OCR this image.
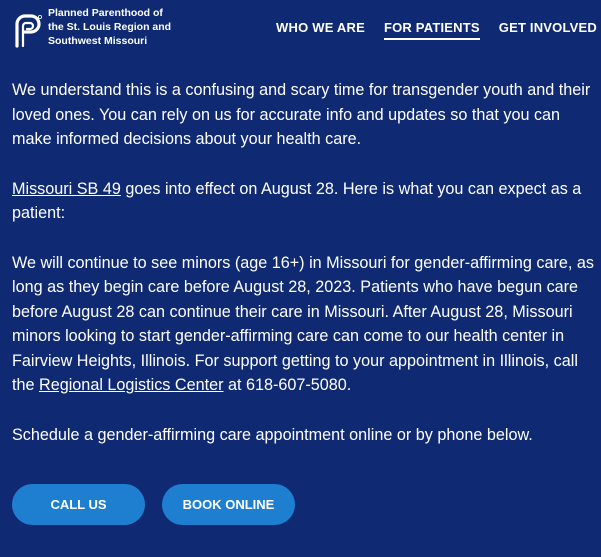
Planned Parenthood of
the St. Louis Region and
Southwest Missouri
WHO WE ARE FOR PATIENTS GET INVOLVED

We understand this is a confusing and scary time for transgender youth and their loved ones. You can rely on us for accurate info and updates so that you can make informed decisions about your health care.

Missouri SB 49 goes into effect on August 28. Here is what you can expect as a patient:

We will continue to see minors (age 16+) in Missouri for gender-affirming care, as long as they begin care before August 28, 2023. Patients who have begun care before August 28 can continue their care in Missouri. After August 28, Missouri minors looking to start gender-affirming care can come to our health center in Fairview Heights, Illinois. For support getting to your appointment in Illinois, call the Regional Logistics Center at 618-607-5080.

Schedule a gender-affirming care appointment online or by phone below.

CALL US	BOOK ONLINE
